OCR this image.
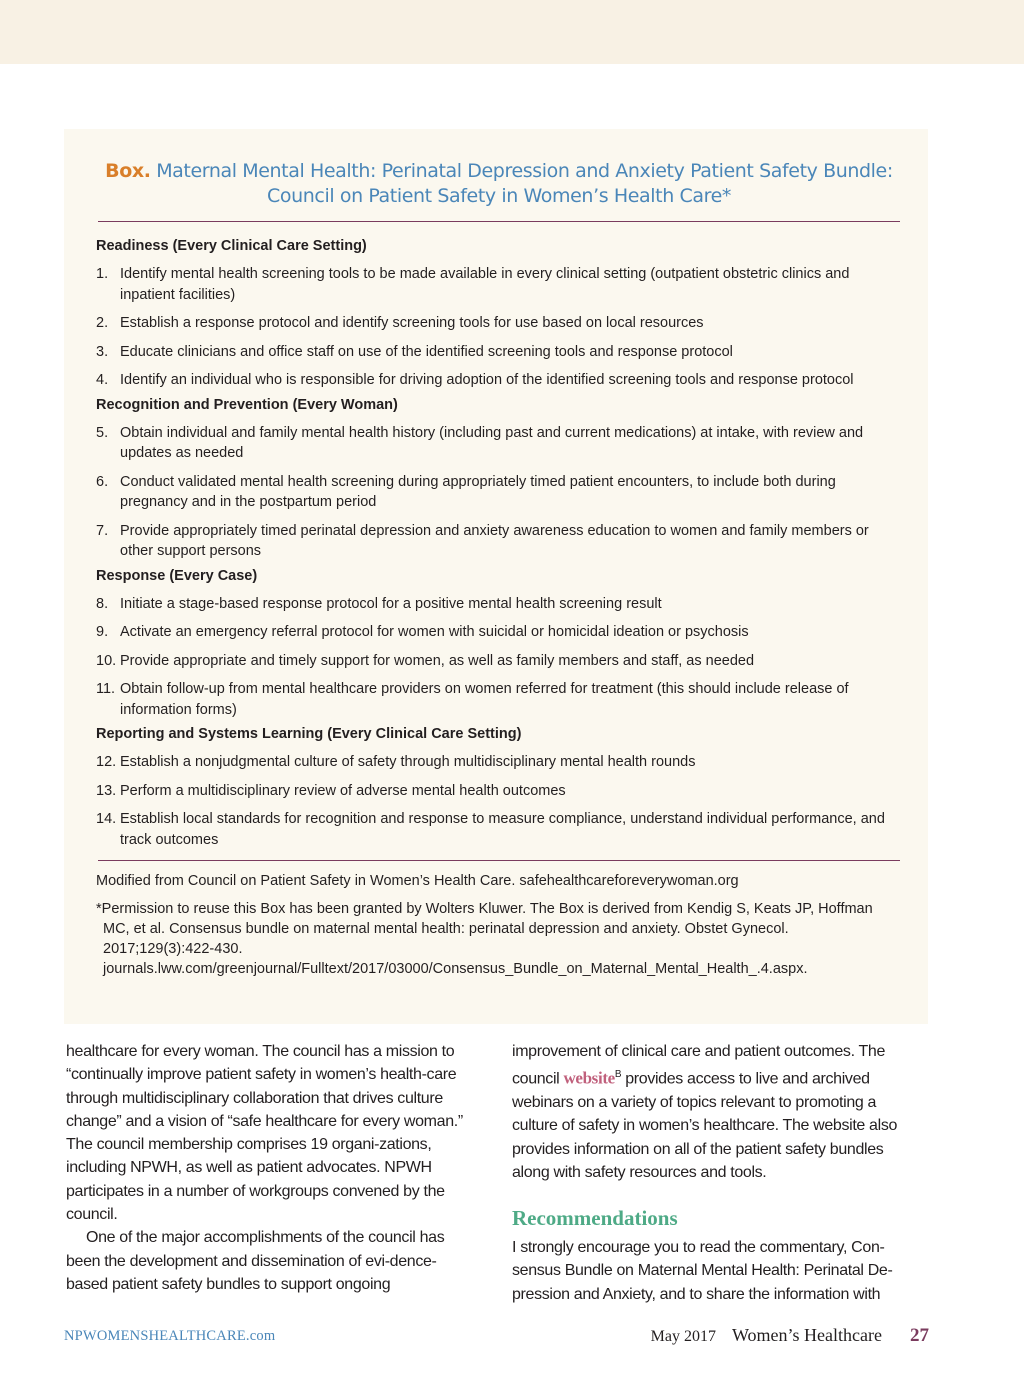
Box. Maternal Mental Health: Perinatal Depression and Anxiety Patient Safety Bundle:
Council on Patient Safety in Women’s Health Care*

Readiness (Every Clinical Care Setting)

1. Identify mental health screening tools to be made available in every clinical setting (outpatient obstetric clinics and inpatient facilities)
2. Establish a response protocol and identify screening tools for use based on local resources
3. Educate clinicians and office staff on use of the identified screening tools and response protocol
4. Identify an individual who is responsible for driving adoption of the identified screening tools and response protocol

Recognition and Prevention (Every Woman)

5. Obtain individual and family mental health history (including past and current medications) at intake, with review and updates as needed
6. Conduct validated mental health screening during appropriately timed patient encounters, to include both during pregnancy and in the postpartum period
7. Provide appropriately timed perinatal depression and anxiety awareness education to women and family members or other support persons

Response (Every Case)

8. Initiate a stage-based response protocol for a positive mental health screening result
9. Activate an emergency referral protocol for women with suicidal or homicidal ideation or psychosis
10. Provide appropriate and timely support for women, as well as family members and staff, as needed
11. Obtain follow-up from mental healthcare providers on women referred for treatment (this should include release of information forms)

Reporting and Systems Learning (Every Clinical Care Setting)

12. Establish a nonjudgmental culture of safety through multidisciplinary mental health rounds
13. Perform a multidisciplinary review of adverse mental health outcomes
14. Establish local standards for recognition and response to measure compliance, understand individual performance, and track outcomes

Modified from Council on Patient Safety in Women’s Health Care. safehealthcareforeverywoman.org

*Permission to reuse this Box has been granted by Wolters Kluwer. The Box is derived from Kendig S, Keats JP, Hoffman MC, et al. Consensus bundle on maternal mental health: perinatal depression and anxiety. Obstet Gynecol. 2017;129(3):422-430. journals.lww.com/greenjournal/Fulltext/2017/03000/Consensus_Bundle_on_Maternal_Mental_Health_.4.aspx.

healthcare for every woman. The council has a mission to “continually improve patient safety in women’s health-care through multidisciplinary collaboration that drives culture change” and a vision of “safe healthcare for every woman.” The council membership comprises 19 organi-zations, including NPWH, as well as patient advocates. NPWH participates in a number of workgroups convened by the council.

One of the major accomplishments of the council has been the development and dissemination of evi-dence-based patient safety bundles to support ongoing

improvement of clinical care and patient outcomes. The council website$^B$ provides access to live and archived webinars on a variety of topics relevant to promoting a culture of safety in women’s healthcare. The website also provides information on all of the patient safety bundles along with safety resources and tools.

Recommendations

I strongly encourage you to read the commentary, Con-sensus Bundle on Maternal Mental Health: Perinatal De-pression and Anxiety, and to share the information with

NPWOMENSHEALTHCARE.com	May 2017 Women’s Healthcare 27
